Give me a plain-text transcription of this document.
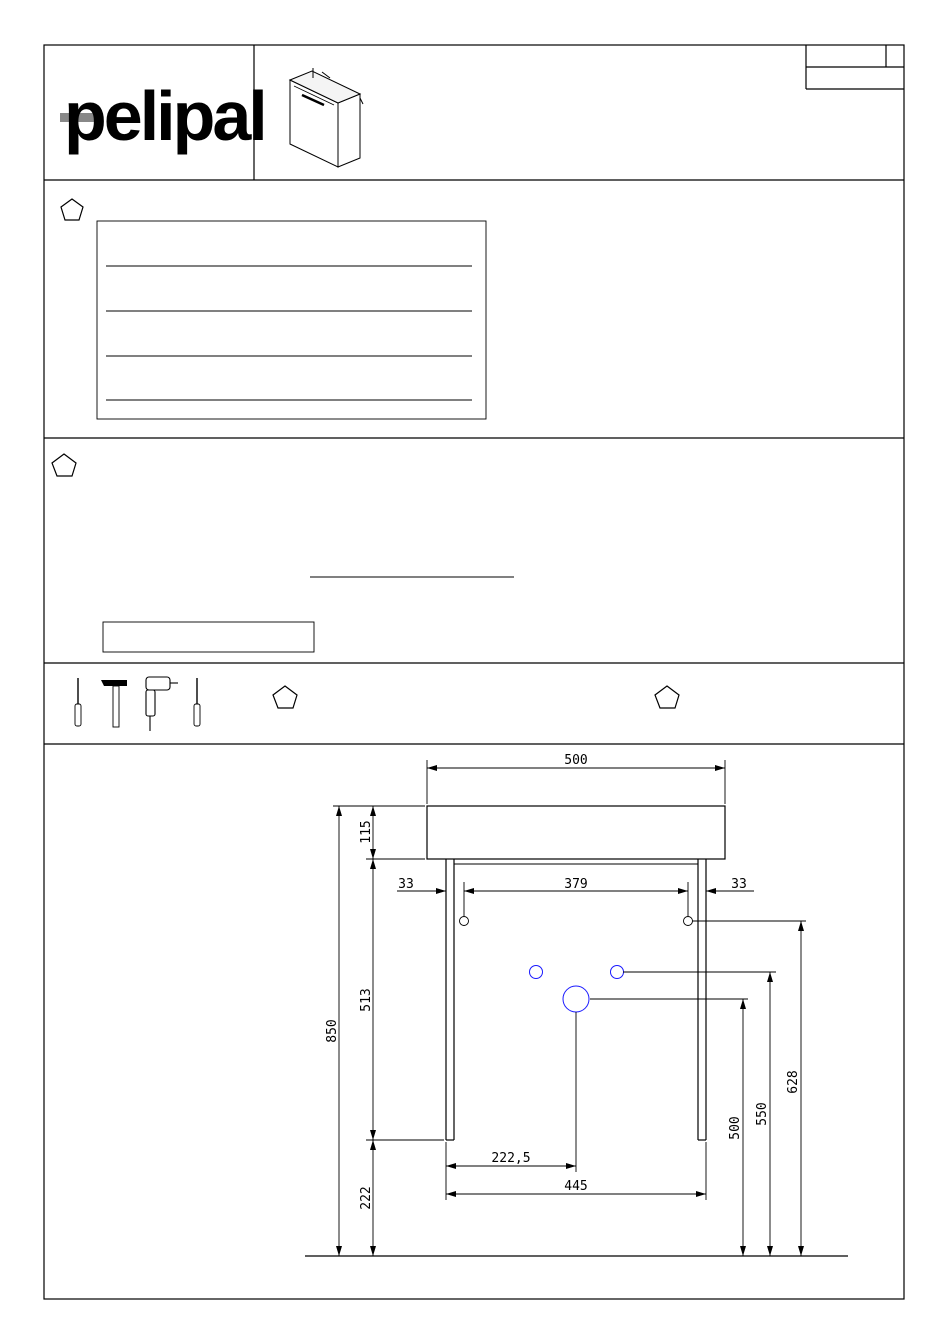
pelipal
500
115
33	379	33
513
850
222
222,5
445
500
550
628
